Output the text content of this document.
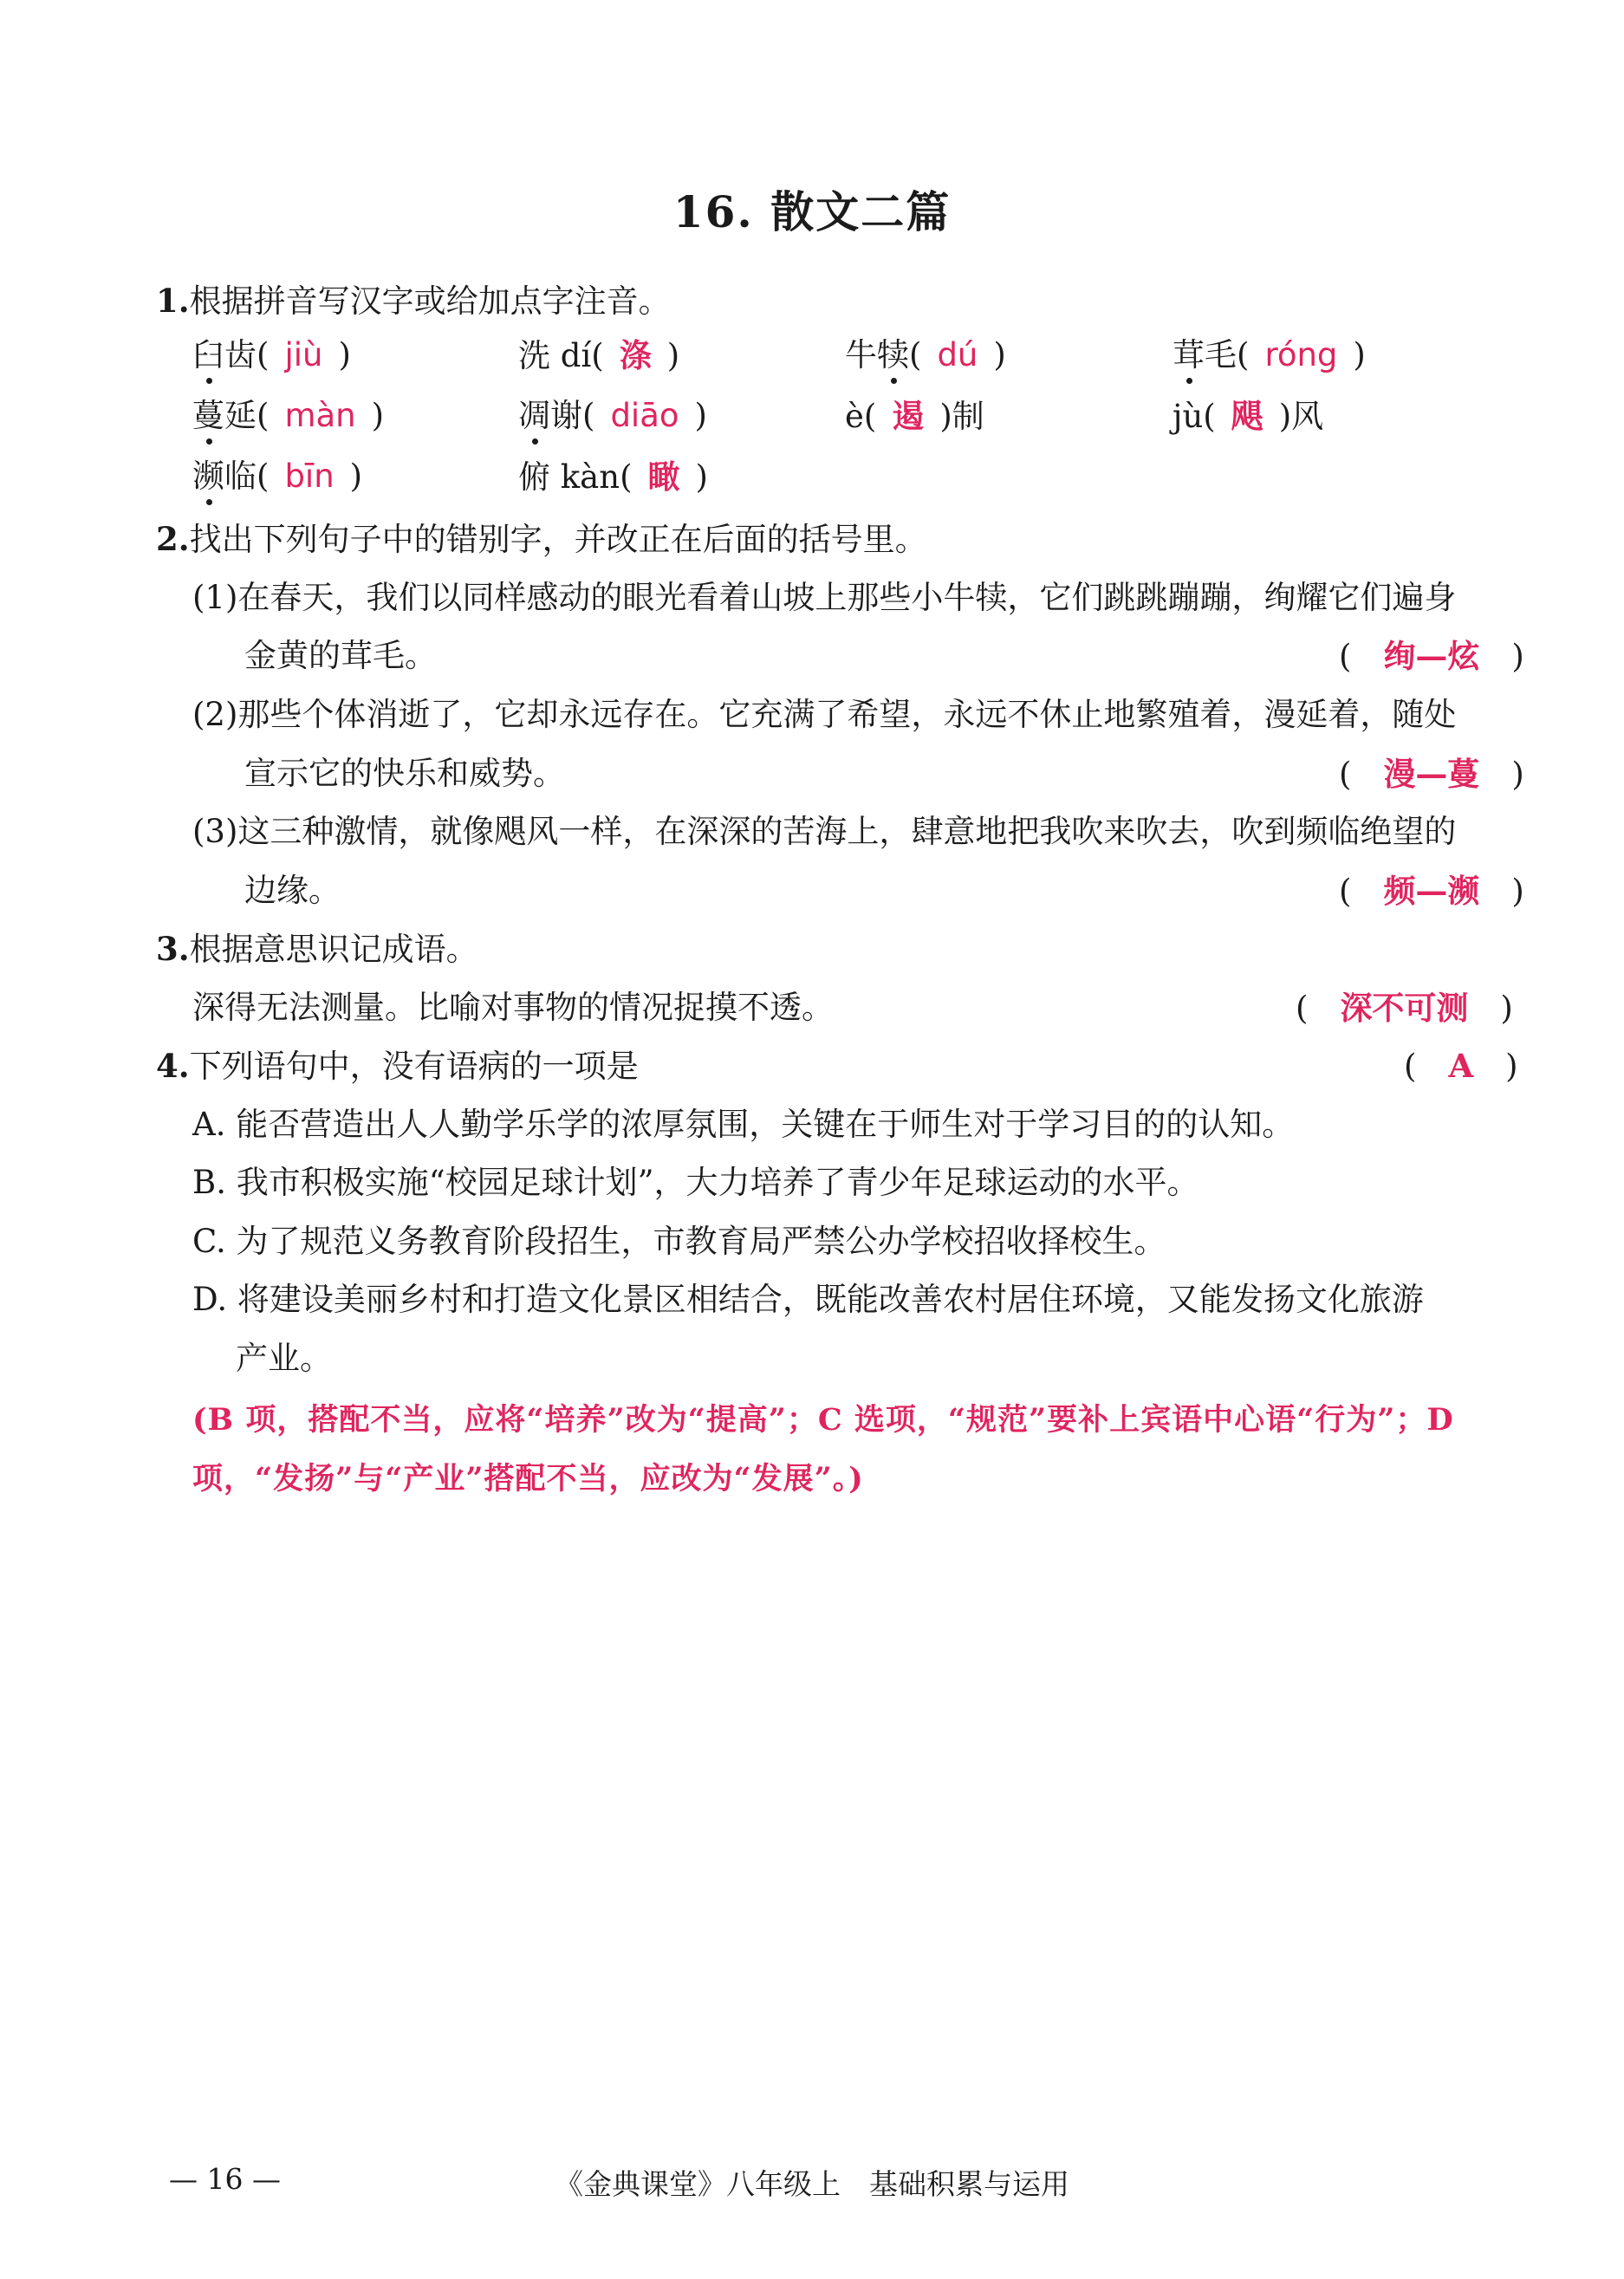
16. 散文二篇
1.根据拼音写汉字或给加点字注音。
臼齿( jiù )	洗 dí( 涤 )	牛犊( dú )	茸毛( róng )
蔓延( màn )	凋谢( diāo )	è( 遏 )制	jù( 飓 )风
濒临( bīn )	俯 kàn( 瞰 )
2.找出下列句子中的错别字，并改正在后面的括号里。
(1)在春天，我们以同样感动的眼光看着山坡上那些小牛犊，它们跳跳蹦蹦，绚耀它们遍身
金黄的茸毛。	(　绚—炫　)
(2)那些个体消逝了，它却永远存在。它充满了希望，永远不休止地繁殖着，漫延着，随处
宣示它的快乐和威势。	(　漫—蔓　)
(3)这三种激情，就像飓风一样，在深深的苦海上，肆意地把我吹来吹去，吹到频临绝望的
边缘。	(　频—濒　)
3.根据意思识记成语。
深得无法测量。比喻对事物的情况捉摸不透。	(　深不可测　)
4.下列语句中，没有语病的一项是	(　A　)
A. 能否营造出人人勤学乐学的浓厚氛围，关键在于师生对于学习目的的认知。
B. 我市积极实施“校园足球计划”，大力培养了青少年足球运动的水平。
C. 为了规范义务教育阶段招生，市教育局严禁公办学校招收择校生。
D. 将建设美丽乡村和打造文化景区相结合，既能改善农村居住环境，又能发扬文化旅游
产业。
(B 项，搭配不当，应将“培养”改为“提高”；C 选项，“规范”要补上宾语中心语“行为”；D 项，“发扬”与“产业”搭配不当，应改为“发展”。)
— 16 —	《金典课堂》八年级上　基础积累与运用
